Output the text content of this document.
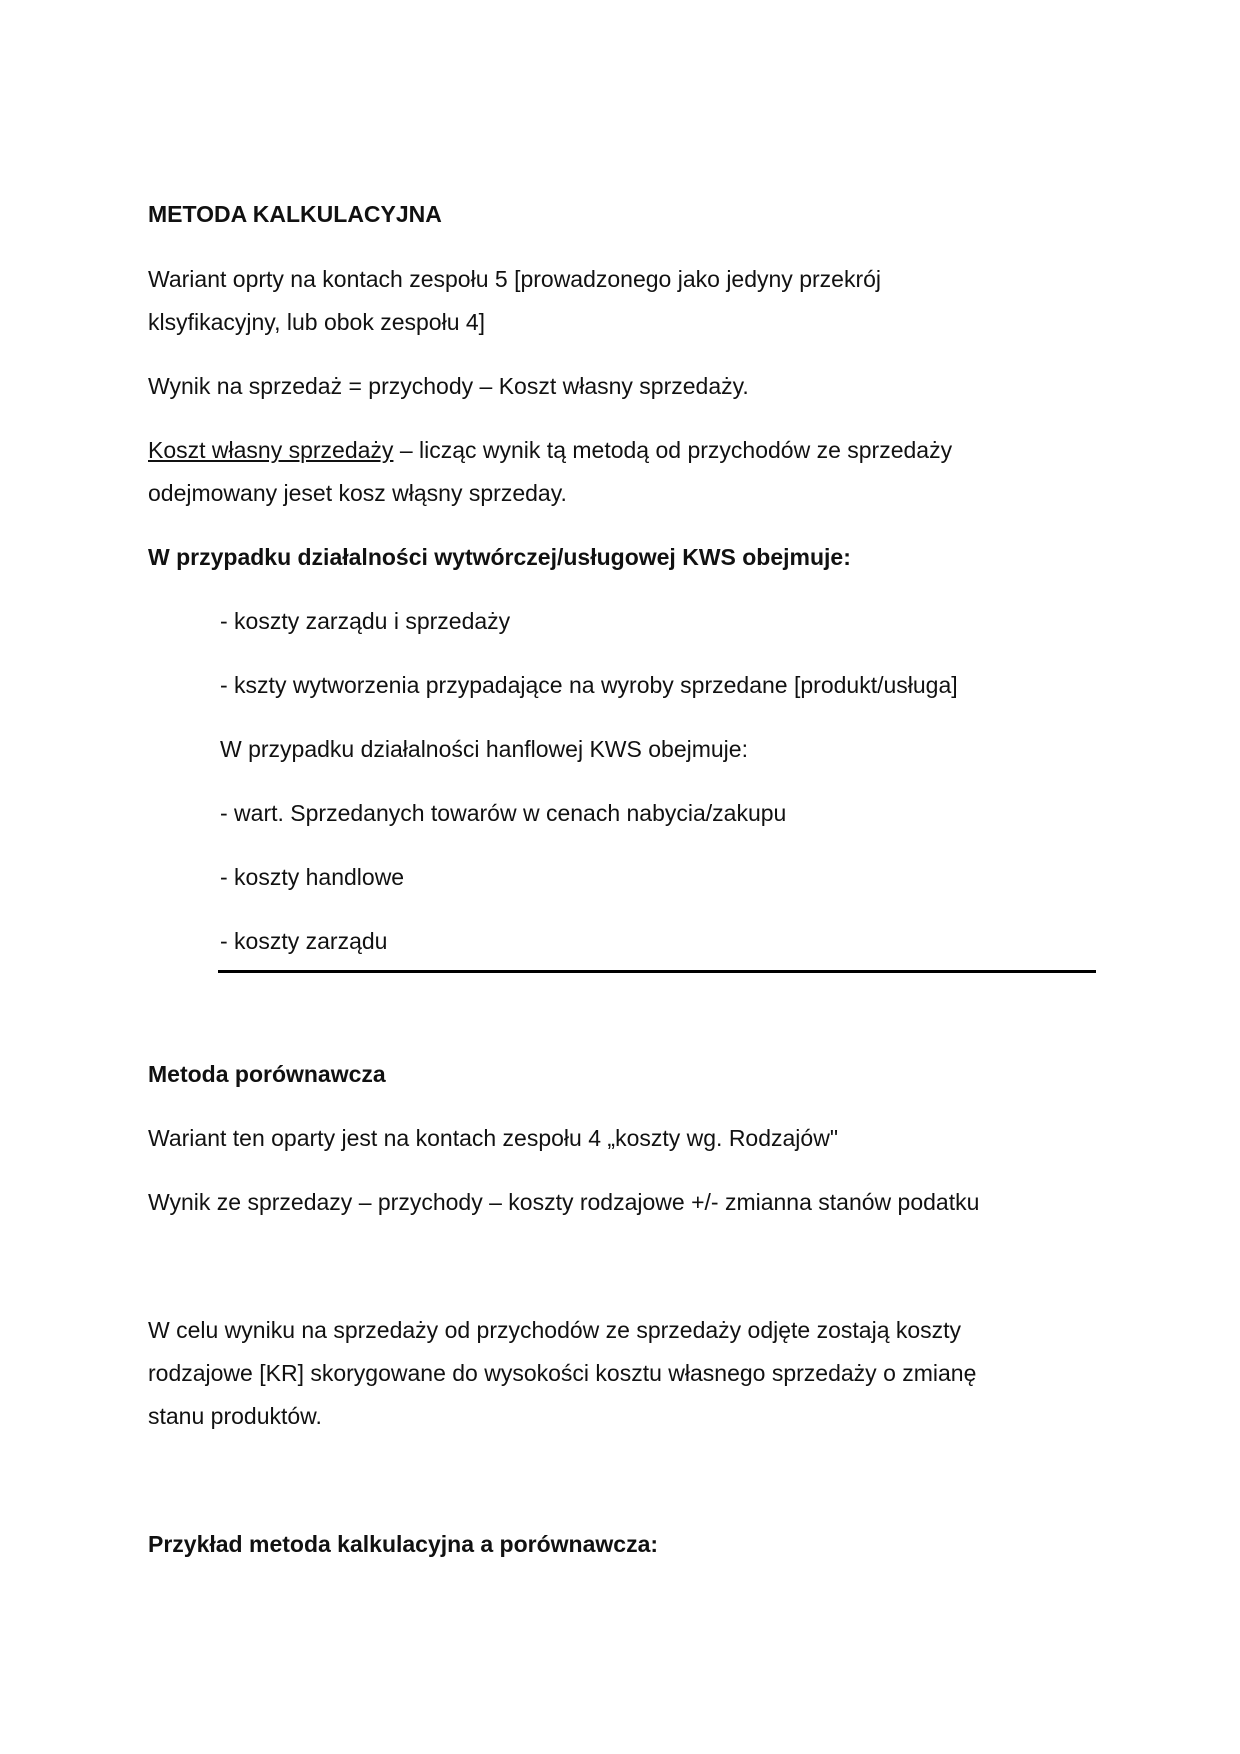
METODA KALKULACYJNA

Wariant oprty na kontach zespołu 5 [prowadzonego jako jedyny przekrój

klsyfikacyjny, lub obok zespołu 4]

Wynik na sprzedaż = przychody – Koszt własny sprzedaży.

Koszt własny sprzedaży – licząc wynik tą metodą od przychodów ze sprzedaży

odejmowany jeset kosz włąsny sprzeday.

W przypadku działalności wytwórczej/usługowej KWS obejmuje:

- koszty zarządu i sprzedaży

- kszty wytworzenia przypadające na wyroby sprzedane [produkt/usługa]

W przypadku działalności hanflowej KWS obejmuje:

- wart. Sprzedanych towarów w cenach nabycia/zakupu

- koszty handlowe

- koszty zarządu

Metoda porównawcza

Wariant ten oparty jest na kontach zespołu 4 „koszty wg. Rodzajów"

Wynik ze sprzedazy – przychody – koszty rodzajowe +/- zmianna stanów podatku

W celu wyniku na sprzedaży od przychodów ze sprzedaży odjęte zostają koszty

rodzajowe [KR] skorygowane do wysokości kosztu własnego sprzedaży o zmianę

stanu produktów.

Przykład metoda kalkulacyjna a porównawcza:
